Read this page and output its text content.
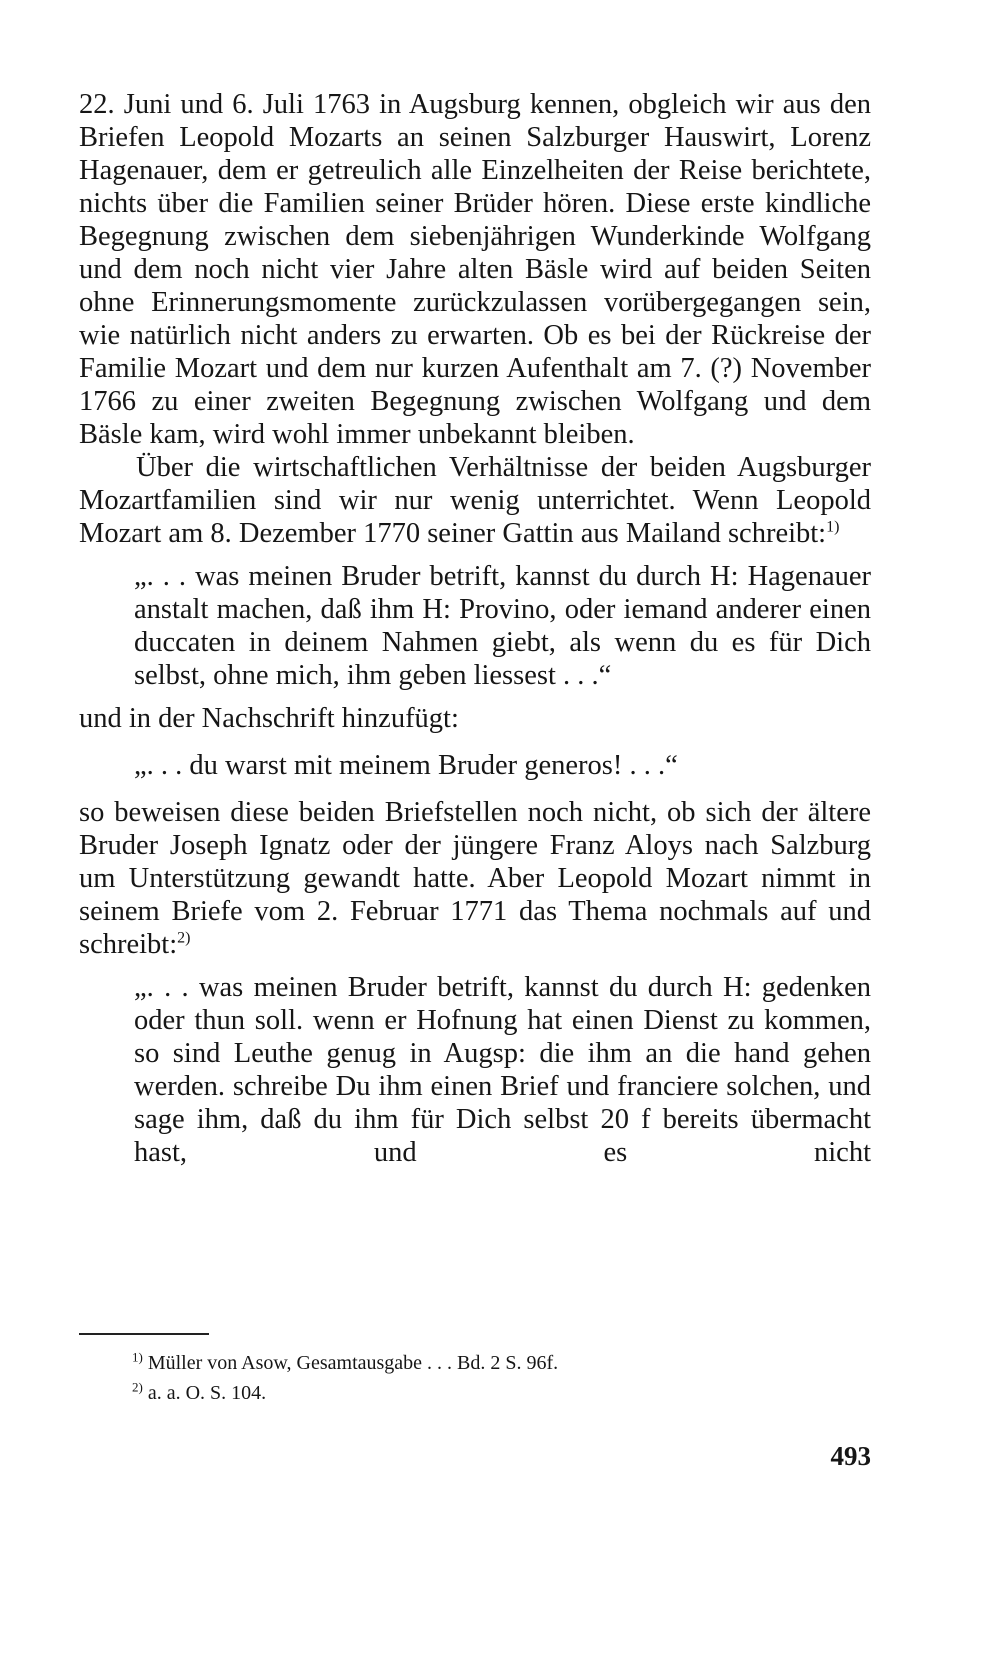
22. Juni und 6. Juli 1763 in Augsburg kennen, obgleich wir aus den Briefen Leopold Mozarts an seinen Salzburger Hauswirt, Lorenz Hagenauer, dem er getreulich alle Einzelheiten der Reise berichtete, nichts über die Familien seiner Brüder hören. Diese erste kindliche Begegnung zwischen dem siebenjährigen Wunderkinde Wolfgang und dem noch nicht vier Jahre alten Bäsle wird auf beiden Seiten ohne Erinnerungsmomente zurückzulassen vorübergegangen sein, wie natürlich nicht anders zu erwarten. Ob es bei der Rückreise der Familie Mozart und dem nur kurzen Aufenthalt am 7. (?) November 1766 zu einer zweiten Begegnung zwischen Wolfgang und dem Bäsle kam, wird wohl immer unbekannt bleiben.

Über die wirtschaftlichen Verhältnisse der beiden Augsburger Mozartfamilien sind wir nur wenig unterrichtet. Wenn Leopold Mozart am 8. Dezember 1770 seiner Gattin aus Mailand schreibt:$^{1)}$

„. . . was meinen Bruder betrift, kannst du durch H: Hagenauer anstalt machen, daß ihm H: Provino, oder iemand anderer einen duccaten in deinem Nahmen giebt, als wenn du es für Dich selbst, ohne mich, ihm geben liessest . . .“

und in der Nachschrift hinzufügt:

„. . . du warst mit meinem Bruder generos! . . .“

so beweisen diese beiden Briefstellen noch nicht, ob sich der ältere Bruder Joseph Ignatz oder der jüngere Franz Aloys nach Salzburg um Unterstützung gewandt hatte. Aber Leopold Mozart nimmt in seinem Briefe vom 2. Februar 1771 das Thema nochmals auf und schreibt:$^{2)}$

„. . . was meinen Bruder betrift, kannst du durch H: gedenken oder thun soll. wenn er Hofnung hat einen Dienst zu kommen, so sind Leuthe genug in Augsp: die ihm an die hand gehen werden. schreibe Du ihm einen Brief und franciere solchen, und sage ihm, daß du ihm für Dich selbst 20 f bereits übermacht hast, und es nicht

$^{1)}$ Müller von Asow, Gesamtausgabe . . . Bd. 2 S. 96f.

$^{2)}$ a. a. O. S. 104.

493
